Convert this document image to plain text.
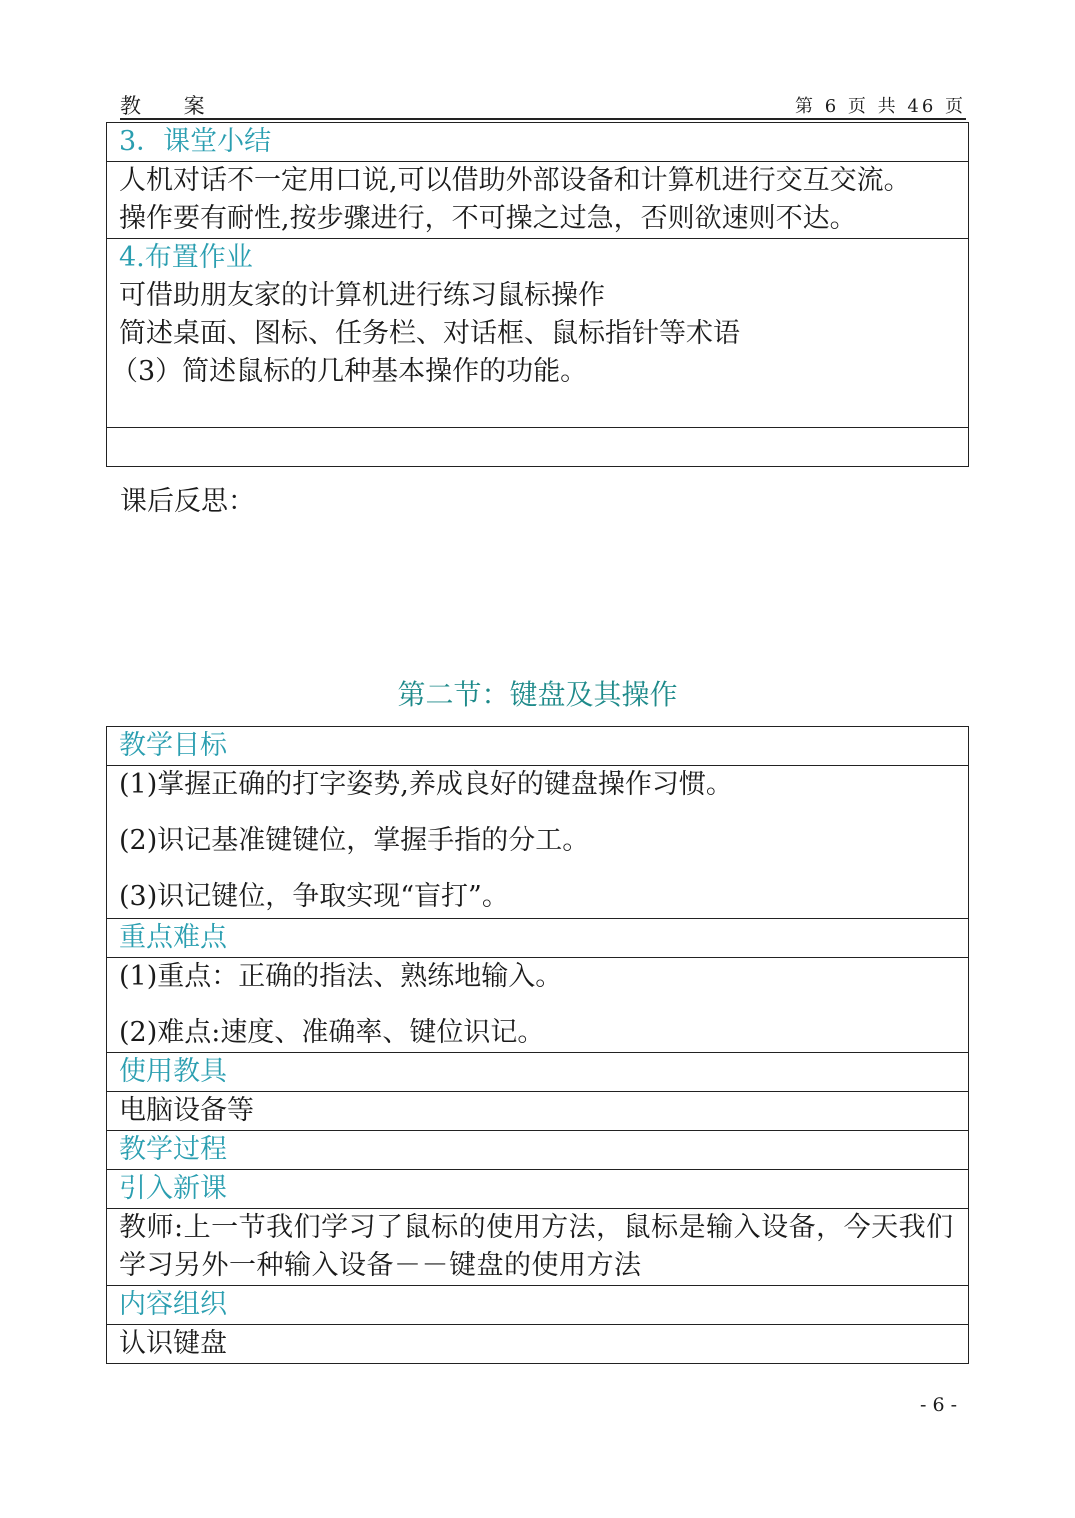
教 案	第 6 页 共 46 页
3．课堂小结

人机对话不一定用口说,可以借助外部设备和计算机进行交互交流。
操作要有耐性,按步骤进行，不可操之过急，否则欲速则不达。

4.布置作业
可借助朋友家的计算机进行练习鼠标操作
简述桌面、图标、任务栏、对话框、鼠标指针等术语
（3）简述鼠标的几种基本操作的功能。

课后反思：
第二节：键盘及其操作
教学目标

(1)掌握正确的打字姿势,养成良好的键盘操作习惯。
(2)识记基准键键位，掌握手指的分工。
(3)识记键位，争取实现“盲打”。

重点难点

(1)重点：正确的指法、熟练地输入。
(2)难点:速度、准确率、键位识记。

使用教具

电脑设备等

教学过程

引入新课

教师:上一节我们学习了鼠标的使用方法，鼠标是输入设备，今天我们学习另外一种输入设备－－键盘的使用方法

内容组织

认识键盘
- 6 -
